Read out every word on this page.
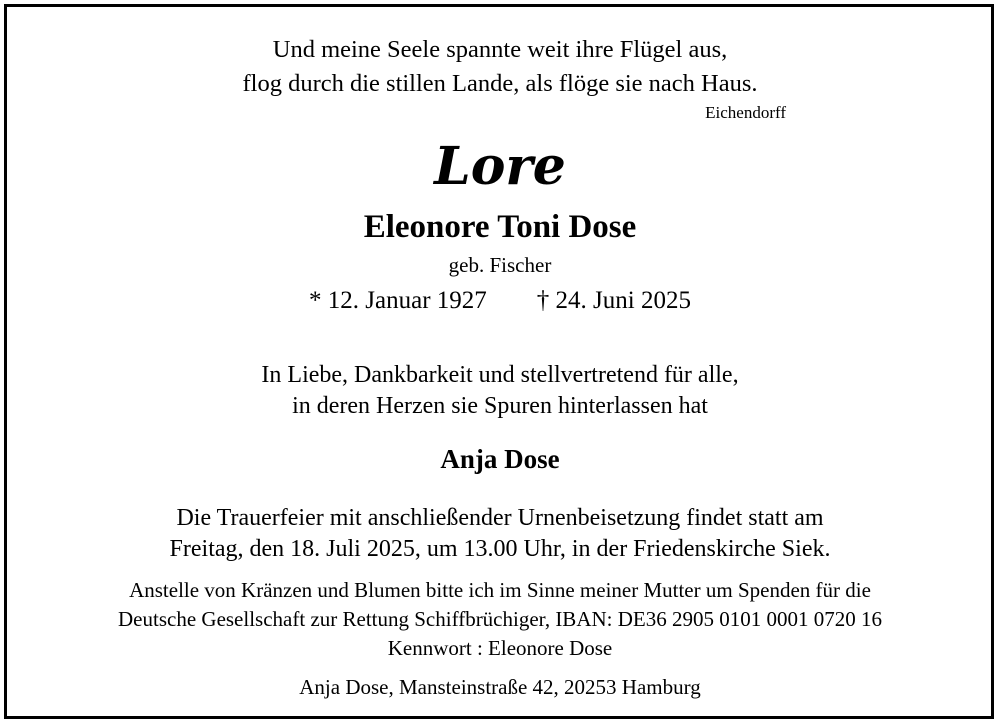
Und meine Seele spannte weit ihre Flügel aus,
flog durch die stillen Lande, als flöge sie nach Haus.
Eichendorff
Lore
Eleonore Toni Dose
geb. Fischer
* 12. Januar 1927 † 24. Juni 2025
In Liebe, Dankbarkeit und stellvertretend für alle,
in deren Herzen sie Spuren hinterlassen hat
Anja Dose
Die Trauerfeier mit anschließender Urnenbeisetzung findet statt am
Freitag, den 18. Juli 2025, um 13.00 Uhr, in der Friedenskirche Siek.
Anstelle von Kränzen und Blumen bitte ich im Sinne meiner Mutter um Spenden für die
Deutsche Gesellschaft zur Rettung Schiffbrüchiger, IBAN: DE36 2905 0101 0001 0720 16
Kennwort : Eleonore Dose
Anja Dose, Mansteinstraße 42, 20253 Hamburg
